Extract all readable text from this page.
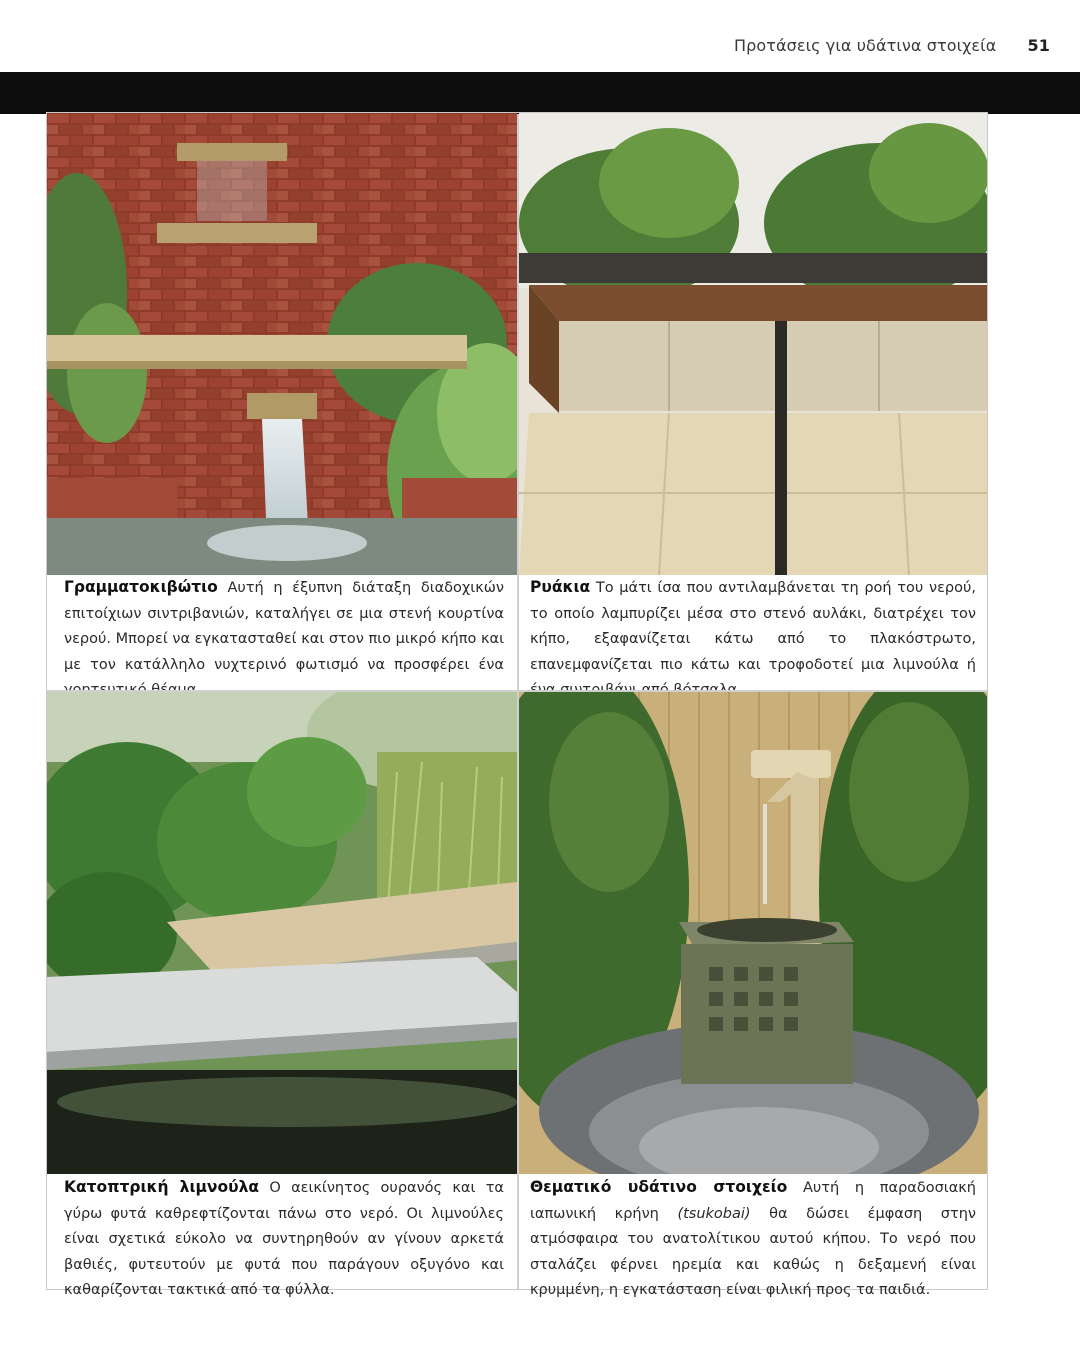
Προτάσεις για υδάτινα στοιχεία 51
Γραμματοκιβώτιο Αυτή η έξυπνη διάταξη διαδοχικών επιτοίχιων σιντριβανιών, καταλήγει σε μια στενή κουρτίνα νερού. Μπορεί να εγκατασταθεί και στον πιο μικρό κήπο και με τον κατάλληλο νυχτερινό φωτισμό να προσφέρει ένα
Ρυάκια Το μάτι ίσα που αντιλαμβάνεται τη ροή του νερού, το οποίο λαμπυρίζει μέσα στο στενό αυλάκι, διατρέχει τον κήπο, εξαφανίζεται κάτω από το πλακόστρωτο, επανεμφανίζεται πιο κάτω και τροφοδοτεί μια λιμνούλα ή
Κατοπτρική λιμνούλα Ο αεικίνητος ουρανός και τα γύρω φυτά καθρεφτίζονται πάνω στο νερό. Οι λιμνούλες είναι σχετικά εύκολο να συντηρηθούν αν γίνουν αρκετά βαθιές, φυτευτούν με φυτά που παράγουν οξυγόνο και καθαρίζονται τακτικά από τα φύλλα.
Θεματικό υδάτινο στοιχείο Αυτή η παραδοσιακή ιαπωνική κρήνη (tsukobai) θα δώσει έμφαση στην ατμόσφαιρα του ανατολίτικου αυτού κήπου. Το νερό που σταλάζει φέρνει ηρεμία και καθώς η δεξαμενή είναι κρυμμένη, η εγκατάσταση είναι φιλική προς τα παιδιά.
